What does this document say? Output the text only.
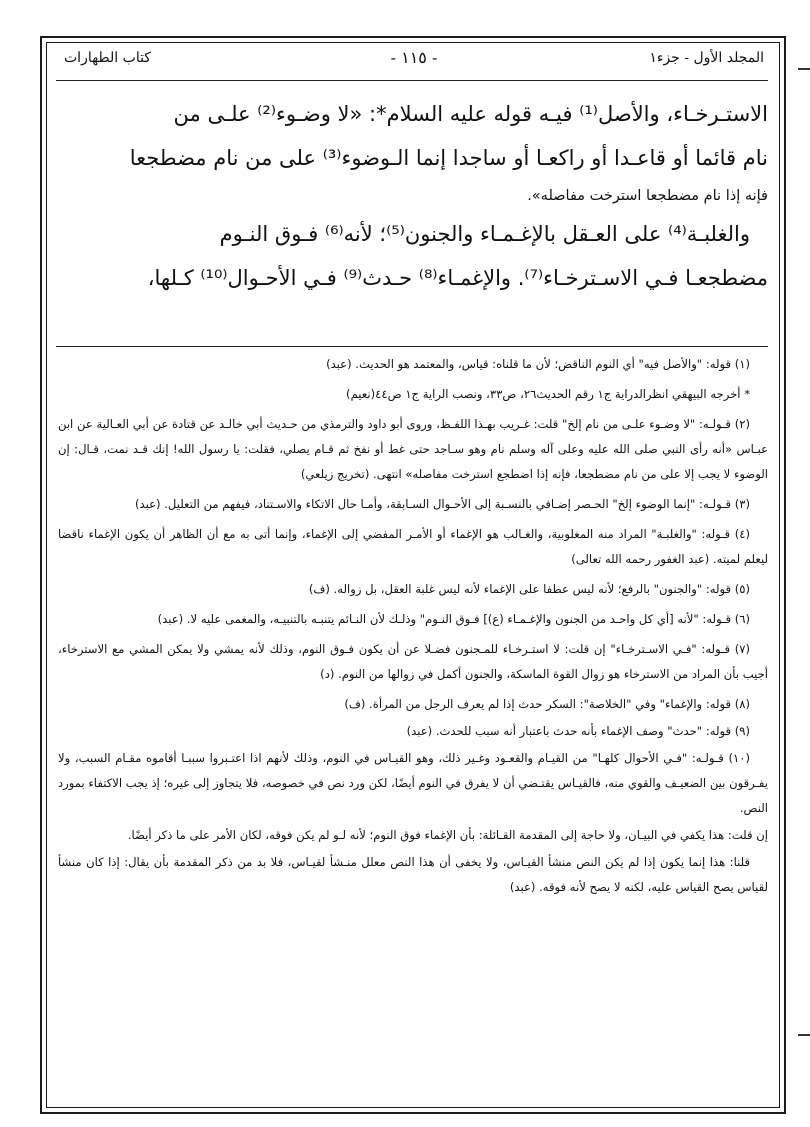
المجلد الأول - جزء١
- ١١٥ -
كتاب الطهارات

الاستـرخـاء، والأصل⁽¹⁾ فيـه قوله عليه السلام*: «لا وضـوء⁽²⁾ علـى من

نام قائما أو قاعـدا أو راكعـا أو ساجدا إنما الـوضوء⁽³⁾ على من نام مضطجعا

فإنه إذا نام مضطجعا استرخت مفاصله».

والغلبـة⁽⁴⁾ على العـقل بالإغـمـاء والجنون⁽⁵⁾؛ لأنه⁽⁶⁾ فـوق النـوم

مضطجعـا فـي الاسـترخـاء⁽⁷⁾. والإغمـاء⁽⁸⁾ حـدث⁽⁹⁾ فـي الأحـوال⁽¹⁰⁾ كـلها،

(١) قوله: "والأصل فيه" أي النوم الناقض؛ لأن ما قلناه: قياس، والمعتمد هو الحديث. (عبد)

* أخرجه البيهقي انظرالدراية ج١ رقم الحديث٢٦، ص٣٣، ونصب الراية ج١ ص٤٤(نعيم)

(٢) قـولـه: "لا وضـوء علـى من نام إلخ" قلت: غـريب بهـذا اللفـظ، وروى أبو داود والترمذي من حـديث أبي خالـد عن قتادة عن أبي العـالية عن ابن عبـاس «أنه رأى النبي صلى الله عليه وعلى آله وسلم نام وهو سـاجد حتى غط أو نفخ ثم قـام يصلي، فقلت: يا رسول الله! إنك قـد نمت، قـال: إن الوضوء لا يجب إلا على من نام مضطجعا، فإنه إذا اضطجع استرخت مفاصله» انتهى. (تخريج زيلعي)

(٣) قـولـه: "إنما الوضوء إلخ" الحـصر إضـافي بالنسـبة إلى الأحـوال السـابقة، وأمـا حال الاتكاء والاسـتناد، فيفهم من التعليل. (عبد)

(٤) قـوله: "والغلبـة" المراد منه المغلوبية، والغـالب هو الإغماء أو الأمـر المفضي إلى الإغماء، وإنما أتى به مع أن الظاهر أن يكون الإغماء ناقضا ليعلم لميته. (عبد الغفور رحمه الله تعالى)

(٥) قوله: "والجنون" بالرفع؛ لأنه ليس عطفا على الإغماء لأنه ليس غلبة العقل، بل زواله. (ف)

(٦) قـوله: "لأنه [أي كل واحـد من الجنون والإغـمـاء (ع)] فـوق النـوم" وذلـك لأن النـائم يتنبـه بالتنبيـه، والمغمى عليه لا. (عبد)

(٧) قـوله: "فـي الاسـترخـاء" إن قلت: لا استـرخـاء للمـجنون فضـلا عن أن يكون فـوق النوم، وذلك لأنه يمشي ولا يمكن المشي مع الاسترخاء، أجيب بأن المراد من الاسترخاء هو زوال القوة الماسكة، والجنون أكمل في زوالها من النوم. (د)

(٨) قوله: والإغماء" وفي "الخلاصة": السكر حدث إذا لم يعرف الرجل من المرأة. (ف)

(٩) قوله: "حدث" وصف الإغماء بأنه حدث باعتبار أنه سبب للحدث. (عبد)

(١٠) قـولـه: "فـي الأحوال كلهـا" من القيـام والقعـود وغـير ذلك، وهو القيـاس في النوم، وذلك لأنهم اذا اعتـبروا سببـا أقاموه مقـام السبب، ولا يفـرقون بين الضعيـف والقوي منه، فالقيـاس يقتـضي أن لا يفرق في النوم أيضًا، لكن ورد نص في خصوصه، فلا يتجاوز إلى غيره؛ إذ يجب الاكتفاء بمورد النص.

إن قلت: هذا يكفي في البيـان، ولا حاجة إلى المقدمة القـائلة: بأن الإغماء فوق النوم؛ لأنه لـو لم يكن فوقه، لكان الأمر على ما ذكر أيضًا.

قلنا: هذا إنما يكون إذا لم يكن النص منشأ القيـاس، ولا يخفى أن هذا النص معلل منـشأ لقيـاس، فلا بد من ذكر المقدمة بأن يقال: إذا كان منشأ لقياس يصح القياس عليه، لكنه لا يصح لأنه فوقه. (عبد)
